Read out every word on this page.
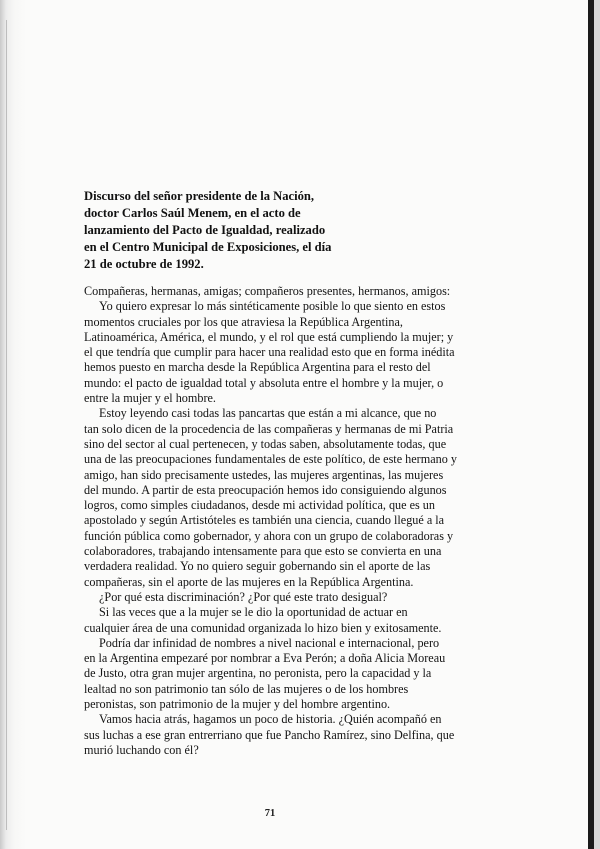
Discurso del señor presidente de la Nación,
doctor Carlos Saúl Menem, en el acto de
lanzamiento del Pacto de Igualdad, realizado
en el Centro Municipal de Exposiciones, el día
21 de octubre de 1992.
Compañeras, hermanas, amigas; compañeros presentes, hermanos, amigos:
Yo quiero expresar lo más sintéticamente posible lo que siento en estos
momentos cruciales por los que atraviesa la República Argentina,
Latinoamérica, América, el mundo, y el rol que está cumpliendo la mujer; y
el que tendría que cumplir para hacer una realidad esto que en forma inédita
hemos puesto en marcha desde la República Argentina para el resto del
mundo: el pacto de igualdad total y absoluta entre el hombre y la mujer, o
entre la mujer y el hombre.
Estoy leyendo casi todas las pancartas que están a mi alcance, que no
tan solo dicen de la procedencia de las compañeras y hermanas de mi Patria
sino del sector al cual pertenecen, y todas saben, absolutamente todas, que
una de las preocupaciones fundamentales de este político, de este hermano y
amigo, han sido precisamente ustedes, las mujeres argentinas, las mujeres
del mundo. A partir de esta preocupación hemos ido consiguiendo algunos
logros, como simples ciudadanos, desde mi actividad política, que es un
apostolado y según Artistóteles es también una ciencia, cuando llegué a la
función pública como gobernador, y ahora con un grupo de colaboradoras y
colaboradores, trabajando intensamente para que esto se convierta en una
verdadera realidad. Yo no quiero seguir gobernando sin el aporte de las
compañeras, sin el aporte de las mujeres en la República Argentina.
¿Por qué esta discriminación? ¿Por qué este trato desigual?
Si las veces que a la mujer se le dio la oportunidad de actuar en
cualquier área de una comunidad organizada lo hizo bien y exitosamente.
Podría dar infinidad de nombres a nivel nacional e internacional, pero
en la Argentina empezaré por nombrar a Eva Perón; a doña Alicia Moreau
de Justo, otra gran mujer argentina, no peronista, pero la capacidad y la
lealtad no son patrimonio tan sólo de las mujeres o de los hombres
peronistas, son patrimonio de la mujer y del hombre argentino.
Vamos hacia atrás, hagamos un poco de historia. ¿Quién acompañó en
sus luchas a ese gran entrerriano que fue Pancho Ramírez, sino Delfina, que
murió luchando con él?
71
